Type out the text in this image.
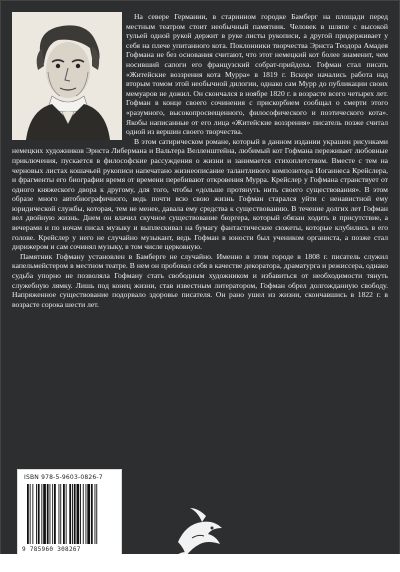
На севере Германии, в старинном городке Бамберг на площади перед местным театром стоит необычный памятник. Человек в шляпе с высокой тульей одной рукой держит в руке листы рукописи, а другой придерживает у себя на плече упитанного кота. Поклонники творчества Эрнста Теодора Амадея Гофмана не без основания считают, что этот немецкий кот более знаменит, чем носивший сапоги его французский собрат-прийдоха. Гофман стал писать «Житейские воззрения кота Мурра» в 1819 г. Вскоре начались работа над вторым томом этой необычной дилогии, однако сам Мурр до публикации своих мемуаров не дожил. Он скончался в ноябре 1820 г. в возрасте всего четырех лет. Гофман в конце своего сочинения с прискорбием сообщал о смерти этого «разумного, высокопросвещенного, философического и поэтического кота». Якобы написанные от его лица «Житейские воззрения» писатель позже считал одной из вершин своего творчества.

В этом сатирическом романе, который в данном издании украшен рисунками немецких художников Эрнста Либермана и Вальтера Велленштейна, любимый кот Гофмана переживает любовные приключения, пускается в философские рассуждения о жизни и занимается стихоплетством. Вместе с тем на черновых листах кошачьей рукописи напечатано жизнеописание талантливого композитора Иоганнеса Крейслера, и фрагменты его биографии время от времени перебивают откровения Мурра. Крейслер у Гофмана странствует от одного княжеского двора к другому, для того, чтобы «дольше протянуть нить своего существования». В этом образе много автобиографичного, ведь почти всю свою жизнь Гофман старался уйти с ненавистной ему юридической службы, которая, тем не менее, давала ему средства к существованию. В течение долгих лет Гофман вел двойную жизнь. Днем он влачил скучное существование бюргера, который обязан ходить в присутствие, а вечерами и по ночам писал музыку и выплескивал на бумагу фантастические сюжеты, которые клубились в его голове. Крейслер у него не случайно музыкант, ведь Гофман в юности был учеником органиста, а позже стал дирижером и сам сочинял музыку, в том числе церковную.

Памятник Гофману установлен в Бамберге не случайно. Именно в этом городе в 1808 г. писатель служил капельмейстером в местном театре. В нем он пробовал себя в качестве декоратора, драматурга и режиссера, однако судьба упорно не позволяла Гофману стать свободным художником и избавиться от необходимости тянуть служебную лямку. Лишь под конец жизни, став известным литератором, Гофман обрел долгожданную свободу. Напряженное существование подорвало здоровье писателя. Он рано ушел из жизни, скончавшись в 1822 г. в возрасте сорока шести лет.

ISBN 978-5-9603-0826-7
9 785960 308267
